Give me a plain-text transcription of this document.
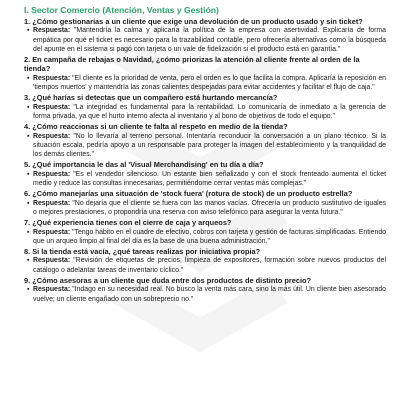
I. Sector Comercio (Atención, Ventas y Gestión)
1. ¿Cómo gestionarías a un cliente que exige una devolución de un producto usado y sin ticket?
▪ Respuesta: "Mantendría la calma y aplicaría la política de la empresa con asertividad. Explicaría de forma empática por qué el ticket es necesario para la trazabilidad contable, pero ofrecería alternativas como la búsqueda del apunte en el sistema si pagó con tarjeta o un vale de fidelización si el producto está en garantía."
2. En campaña de rebajas o Navidad, ¿cómo priorizas la atención al cliente frente al orden de la tienda?
▪ Respuesta: "El cliente es la prioridad de venta, pero el orden es lo que facilita la compra. Aplicaría la reposición en 'tiempos muertos' y mantendría las zonas calientes despejadas para evitar accidentes y facilitar el flujo de caja."
3. ¿Qué harías si detectas que un compañero está hurtando mercancía?
▪ Respuesta: "La integridad es fundamental para la rentabilidad. Lo comunicaría de inmediato a la gerencia de forma privada, ya que el hurto interno afecta al inventario y al bono de objetivos de todo el equipo."
4. ¿Cómo reaccionas si un cliente te falta al respeto en medio de la tienda?
▪ Respuesta: "No lo llevaría al terreno personal. Intentaría reconducir la conversación a un plano técnico. Si la situación escala, pediría apoyo a un responsable para proteger la imagen del establecimiento y la tranquilidad de los demás clientes."
5. ¿Qué importancia le das al 'Visual Merchandising' en tu día a día?
▪ Respuesta: "Es el vendedor silencioso. Un estante bien señalizado y con el stock frenteado aumenta el ticket medio y reduce las consultas innecesarias, permitiéndome cerrar ventas más complejas."
6. ¿Cómo manejarías una situación de 'stock fuera' (rotura de stock) de un producto estrella?
▪ Respuesta: "No dejaría que el cliente se fuera con las manos vacías. Ofrecería un producto sustitutivo de iguales o mejores prestaciones, o propondría una reserva con aviso telefónico para asegurar la venta futura."
7. ¿Qué experiencia tienes con el cierre de caja y arqueos?
▪ Respuesta: "Tengo hábito en el cuadre de efectivo, cobros con tarjeta y gestión de facturas simplificadas. Entiendo que un arqueo limpio al final del día es la base de una buena administración."
8. Si la tienda está vacía, ¿qué tareas realizas por iniciativa propia?
▪ Respuesta: "Revisión de etiquetas de precios, limpieza de expositores, formación sobre nuevos productos del catálogo o adelantar tareas de inventario cíclico."
9. ¿Cómo asesoras a un cliente que duda entre dos productos de distinto precio?
▪ Respuesta: "Indago en su necesidad real. No busco la venta más cara, sino la más útil. Un cliente bien asesorado vuelve; un cliente engañado con un sobreprecio no."
